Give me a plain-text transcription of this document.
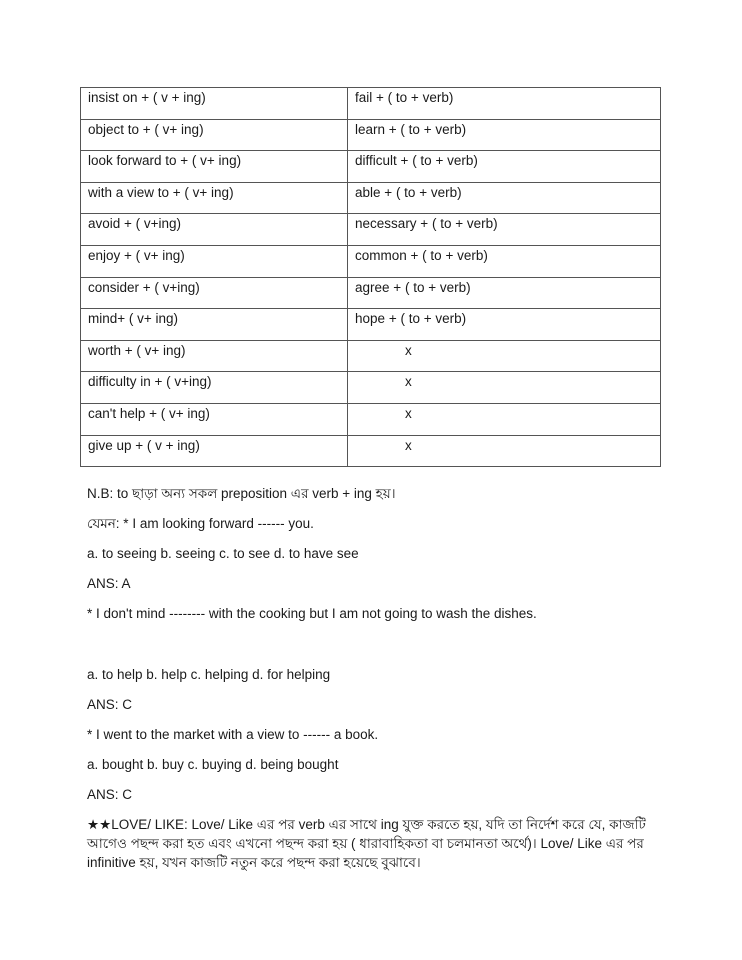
insist on + ( v + ing)	fail + ( to + verb)
object to + ( v+ ing)	learn + ( to + verb)
look forward to + ( v+ ing)	difficult + ( to + verb)
with a view to + ( v+ ing)	able + ( to + verb)
avoid + ( v+ing)	necessary + ( to + verb)
enjoy + ( v+ ing)	common + ( to + verb)
consider + ( v+ing)	agree + ( to + verb)
mind+ ( v+ ing)	hope + ( to + verb)
worth + ( v+ ing)	x
difficulty in + ( v+ing)	x
can't help + ( v+ ing)	x
give up + ( v + ing)	x

N.B: to ছাড়া অন্য সকল preposition এর verb + ing হয়।

যেমন: * I am looking forward ------ you.

a. to seeing b. seeing c. to see d. to have see

ANS: A

* I don't mind -------- with the cooking but I am not going to wash the dishes.

a. to help b. help c. helping d. for helping

ANS: C

* I went to the market with a view to ------ a book.

a. bought b. buy c. buying d. being bought

ANS: C

★★LOVE/ LIKE: Love/ Like এর পর verb এর সাথে ing যুক্ত করতে হয়, যদি তা নির্দেশ করে যে, কাজটি আগেও পছন্দ করা হত এবং এখনো পছন্দ করা হয় ( ধারাবাহিকতা বা চলমানতা অর্থে)। Love/ Like এর পর infinitive হয়, যখন কাজটি নতুন করে পছন্দ করা হয়েছে বুঝাবে।
